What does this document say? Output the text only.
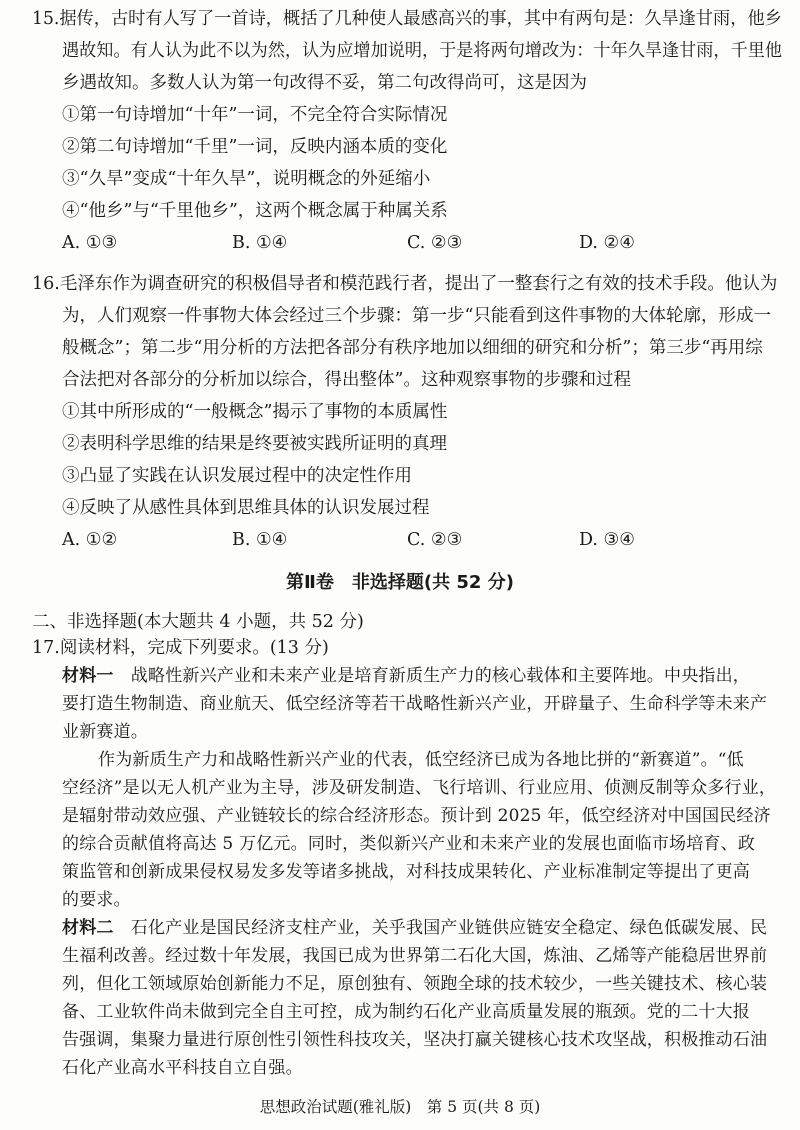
15.据传，古时有人写了一首诗，概括了几种使人最感高兴的事，其中有两句是：久旱逢甘雨，他乡
遇故知。有人认为此不以为然，认为应增加说明，于是将两句增改为：十年久旱逢甘雨，千里他
乡遇故知。多数人认为第一句改得不妥，第二句改得尚可，这是因为
①第一句诗增加“十年”一词，不完全符合实际情况
②第二句诗增加“千里”一词，反映内涵本质的变化
③“久旱”变成“十年久旱”，说明概念的外延缩小
④“他乡”与“千里他乡”，这两个概念属于种属关系
A. ①③	B. ①④	C. ②③	D. ②④
16.毛泽东作为调查研究的积极倡导者和模范践行者，提出了一整套行之有效的技术手段。他认为
为，人们观察一件事物大体会经过三个步骤：第一步“只能看到这件事物的大体轮廓，形成一
般概念”；第二步“用分析的方法把各部分有秩序地加以细细的研究和分析”；第三步“再用综
合法把对各部分的分析加以综合，得出整体”。这种观察事物的步骤和过程
①其中所形成的“一般概念”揭示了事物的本质属性
②表明科学思维的结果是终要被实践所证明的真理
③凸显了实践在认识发展过程中的决定性作用
④反映了从感性具体到思维具体的认识发展过程
A. ①②	B. ①④	C. ②③	D. ③④
第Ⅱ卷　非选择题(共 52 分)
二、非选择题(本大题共 4 小题，共 52 分)
17.阅读材料，完成下列要求。(13 分)
材料一　战略性新兴产业和未来产业是培育新质生产力的核心载体和主要阵地。中央指出，
要打造生物制造、商业航天、低空经济等若干战略性新兴产业，开辟量子、生命科学等未来产
业新赛道。
作为新质生产力和战略性新兴产业的代表，低空经济已成为各地比拼的“新赛道”。“低
空经济”是以无人机产业为主导，涉及研发制造、飞行培训、行业应用、侦测反制等众多行业，
是辐射带动效应强、产业链较长的综合经济形态。预计到 2025 年，低空经济对中国国民经济
的综合贡献值将高达 5 万亿元。同时，类似新兴产业和未来产业的发展也面临市场培育、政
策监管和创新成果侵权易发多发等诸多挑战，对科技成果转化、产业标准制定等提出了更高
的要求。
材料二　石化产业是国民经济支柱产业，关乎我国产业链供应链安全稳定、绿色低碳发展、民
生福利改善。经过数十年发展，我国已成为世界第二石化大国，炼油、乙烯等产能稳居世界前
列，但化工领域原始创新能力不足，原创独有、领跑全球的技术较少，一些关键技术、核心装
备、工业软件尚未做到完全自主可控，成为制约石化产业高质量发展的瓶颈。党的二十大报
告强调，集聚力量进行原创性引领性科技攻关，坚决打赢关键核心技术攻坚战，积极推动石油
石化产业高水平科技自立自强。
思想政治试题(雅礼版)　第 5 页(共 8 页)
